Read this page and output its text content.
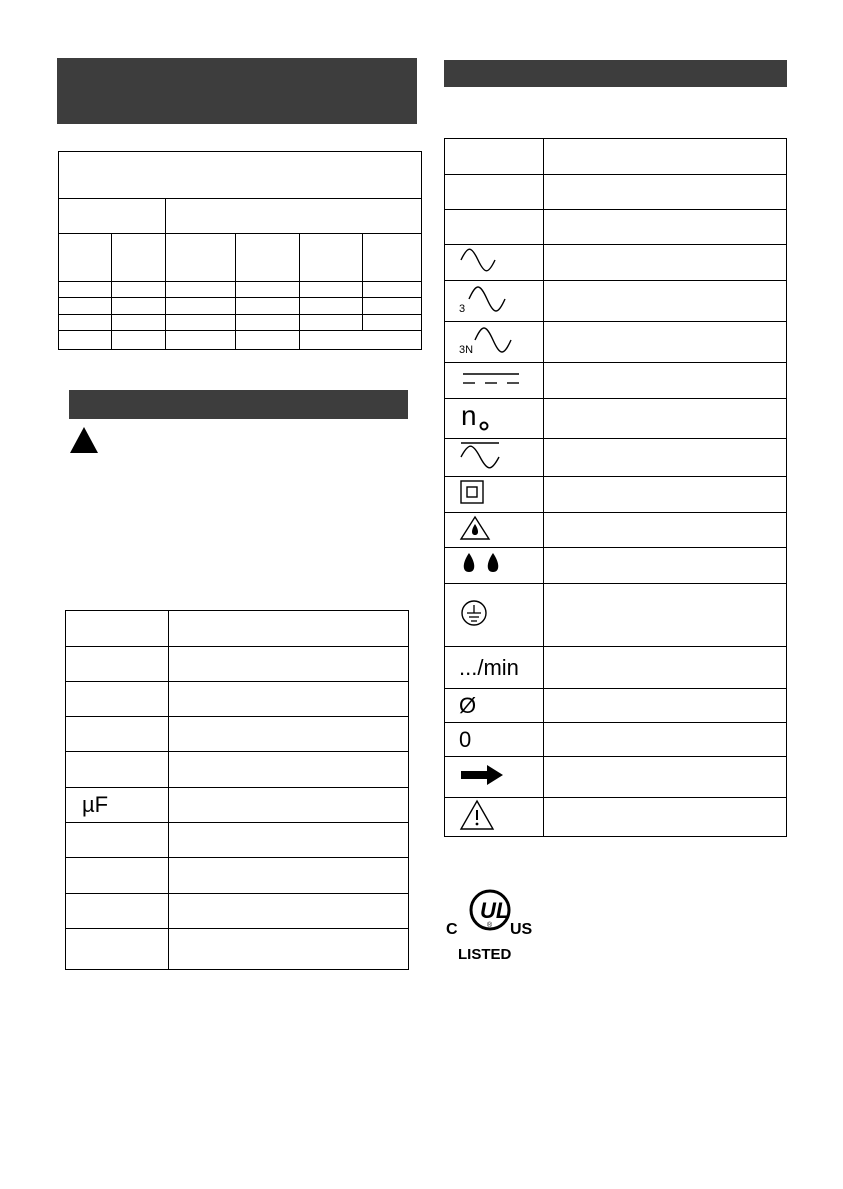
µF	

3	

3N	

n	

.../min	
Ø	
0	

UL
®
C	US
LISTED
